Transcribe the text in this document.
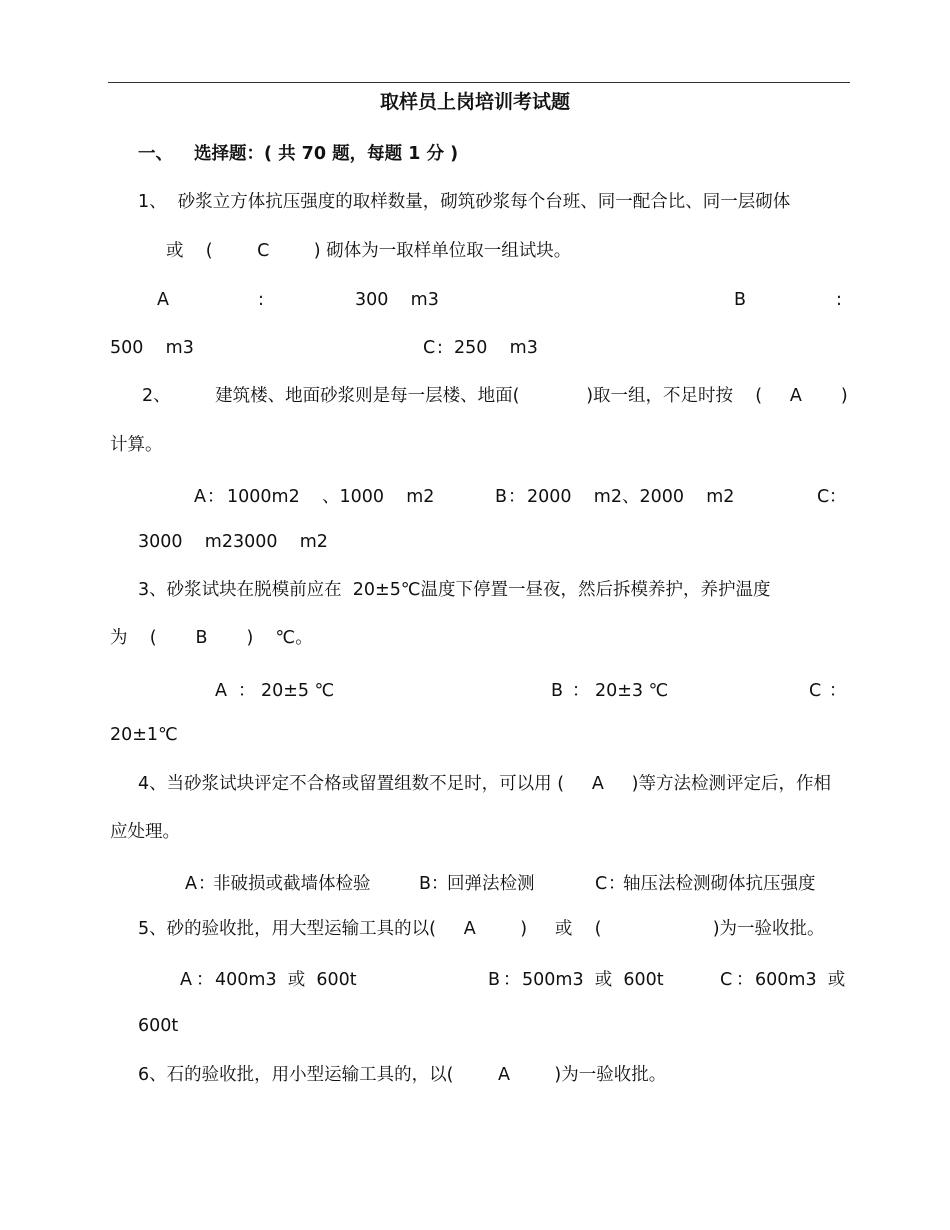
取样员上岗培训考试题
一、 选择题：( 共 70 题，每题 1 分 )
1、  砂浆立方体抗压强度的取样数量，砌筑砂浆每个台班、同一配合比、同一层砌体
或    (        C        ) 砌体为一取样单位取一组试块。
A	:	300    m3	B	:
500    m3	C : 250    m3
2、        建筑楼、地面砂浆则是每一层楼、地面(            )取一组，不足时按    (     A       )
计算。
A ： 1000m2    、1000    m2	B ： 2000    m2、2000    m2	C ：
3000    m23000    m2
3、砂浆试块在脱模前应在  20±5℃温度下停置一昼夜，然后拆模养护，养护温度
为    (       B       )    ℃。
A ： 20±5 ℃	B ： 20±3 ℃	C ：
20±1℃
4、当砂浆试块评定不合格或留置组数不足时，可以用 (     A     )等方法检测评定后，作相
应处理。
A ：
非破损或截墙体检验	B ：
回弹法检测	C ：
轴压法检测砌体抗压强度
5、砂的验收批，用大型运输工具的以(     A        )     或    (                    )为一验收批。
A ： 400m3  或  600t	B ： 500m3  或  600t	C ： 600m3  或
6、石的验收批，用小型运输工具的，以(        A        )为一验收批。
600t
